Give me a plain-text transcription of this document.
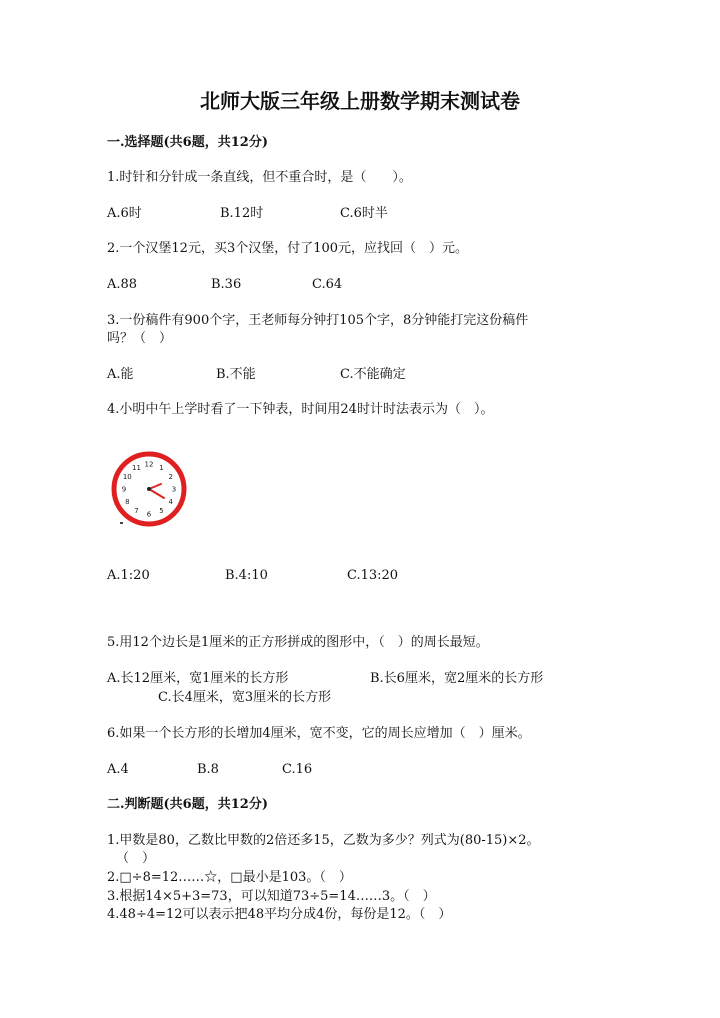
北师大版三年级上册数学期末测试卷
一.选择题(共6题，共12分)
1.时针和分针成一条直线，但不重合时，是（　　）。
A.6时	B.12时	C.6时半
2.一个汉堡12元，买3个汉堡，付了100元，应找回（　）元。
A.88	B.36	C.64
3.一份稿件有900个字，王老师每分钟打105个字，8分钟能打完这份稿件
吗？（　）
A.能	B.不能	C.不能确定
4.小明中午上学时看了一下钟表，时间用24时计时法表示为（　）。
12 1
2
3
4
5
6
7
8
9
10
11
A.1:20	B.4:10	C.13:20
5.用12个边长是1厘米的正方形拼成的图形中，（　）的周长最短。
A.长12厘米，宽1厘米的长方形	B.长6厘米，宽2厘米的长方形
C.长4厘米，宽3厘米的长方形
6.如果一个长方形的长增加4厘米，宽不变，它的周长应增加（　）厘米。
A.4	B.8	C.16
二.判断题(共6题，共12分)
1.甲数是80，乙数比甲数的2倍还多15，乙数为多少？列式为(80-15)×2。
（　）
2.□÷8=12……☆，□最小是103。（　）
3.根据14×5+3=73，可以知道73÷5=14……3。（　）
4.48÷4=12可以表示把48平均分成4份，每份是12。（　）
